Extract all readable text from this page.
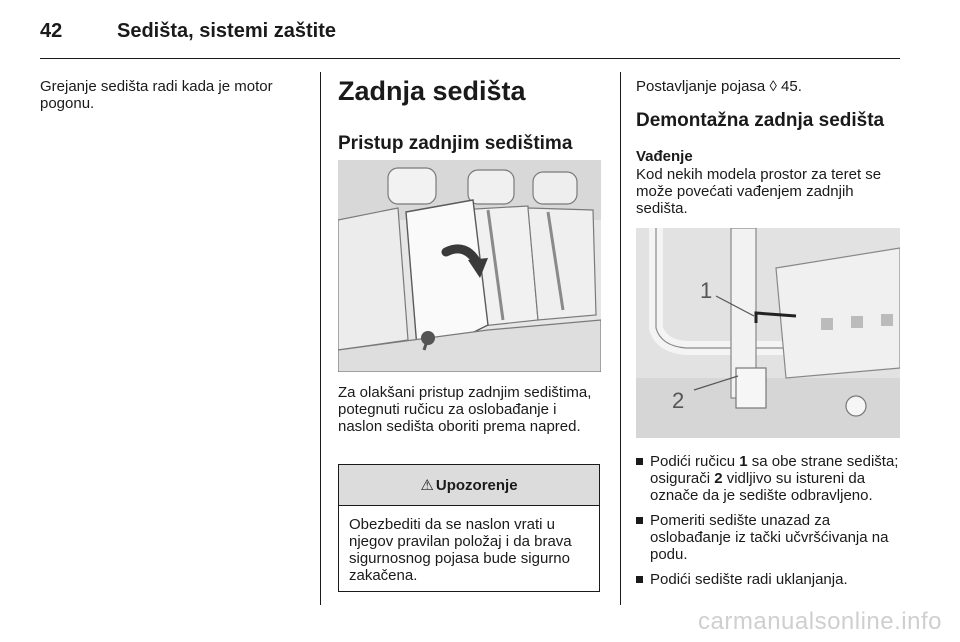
42	Sedišta, sistemi zaštite
Grejanje sedišta radi kada je motor pogonu.	Zadnja sedišta
Pristup zadnjim sedištima
Za olakšani pristup zadnjim sedištima, potegnuti ručicu za oslobađanje i naslon sedišta oboriti prema napred.
⚠ Upozorenje
Obezbediti da se naslon vrati u njegov pravilan položaj i da brava sigurnosnog pojasa bude sigurno zakačena.
Postavljanje pojasa ◊ 45.
Demontažna zadnja sedišta
Vađenje
Kod nekih modela prostor za teret se može povećati vađenjem zadnjih sedišta.
1
2
Podići ručicu 1 sa obe strane sedišta; osigurači 2 vidljivo su istureni da označe da je sedište odbravljeno.
Pomeriti sedište unazad za oslobađanje iz tački učvršćivanja na podu.
Podići sedište radi uklanjanja.
carmanualsonline.info
